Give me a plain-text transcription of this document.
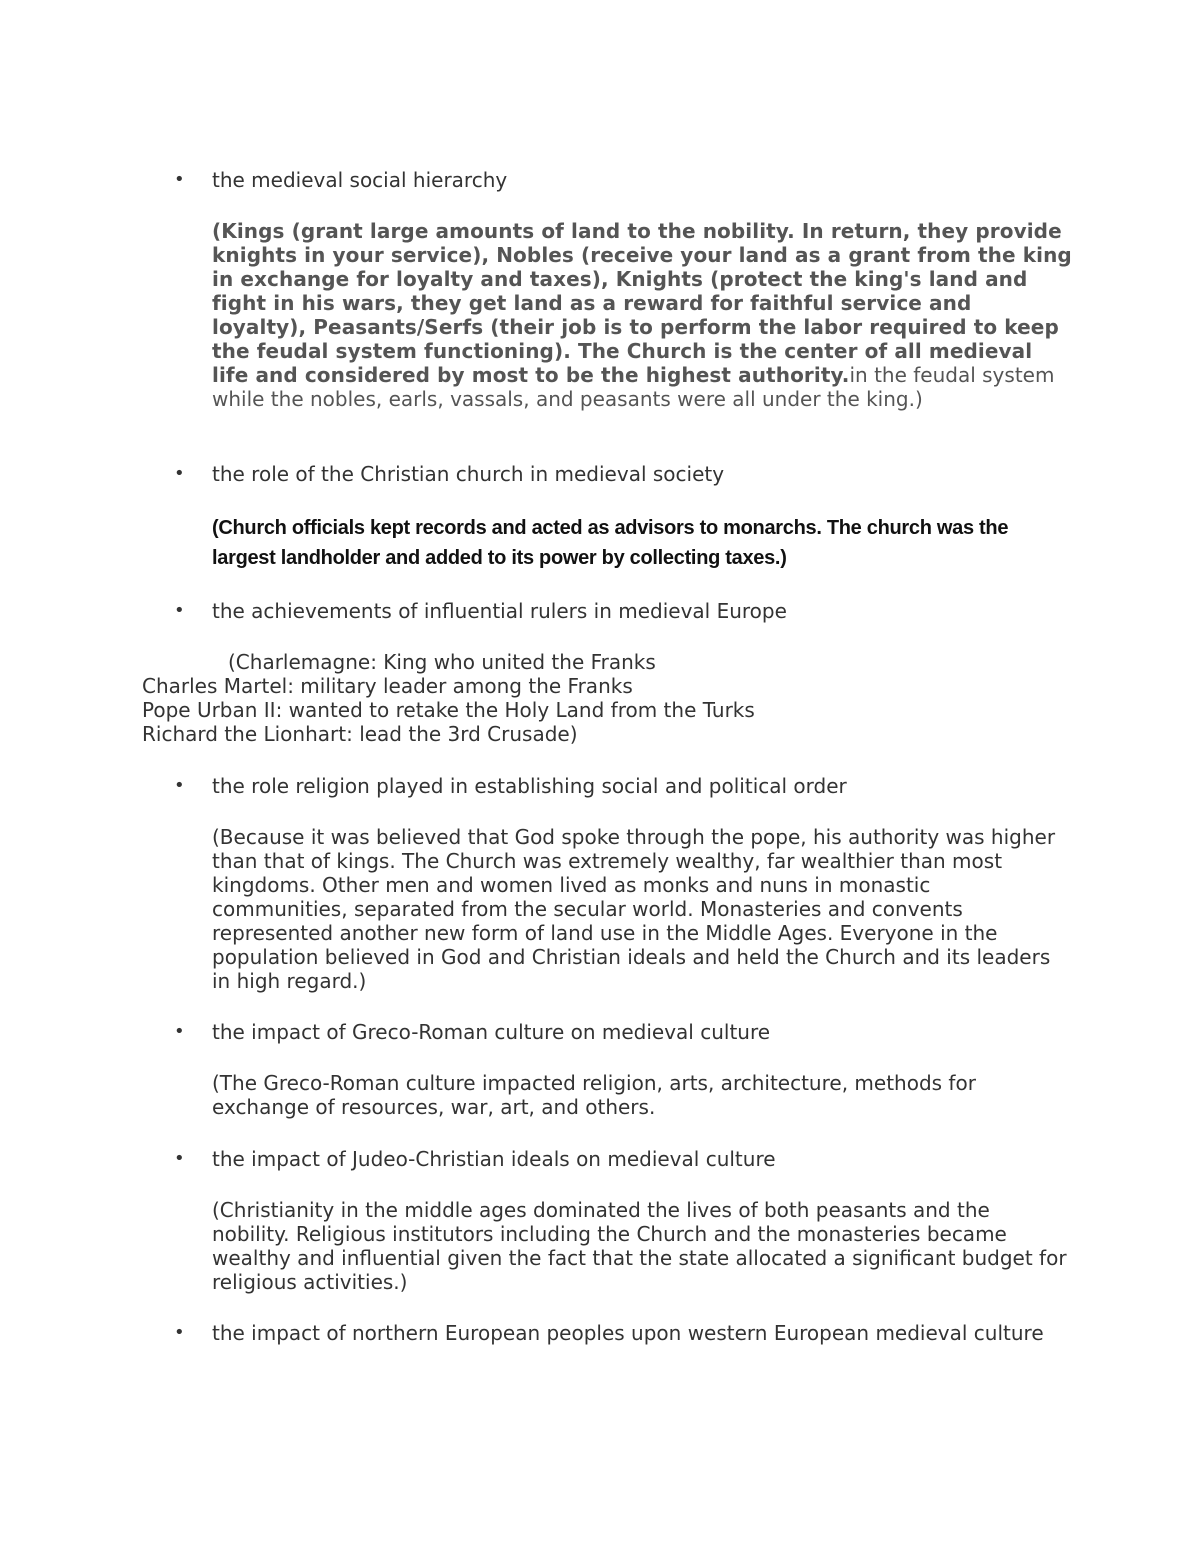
•	the medieval social hierarchy
(Kings (grant large amounts of land to the nobility. In return, they provide knights in your service), Nobles (receive your land as a grant from the king in exchange for loyalty and taxes), Knights (protect the king's land and fight in his wars, they get land as a reward for faithful service and loyalty), Peasants/Serfs (their job is to perform the labor required to keep the feudal system functioning). The Church is the center of all medieval life and considered by most to be the highest authority.in the feudal system while the nobles, earls, vassals, and peasants were all under the king.)
•	the role of the Christian church in medieval society
(Church officials kept records and acted as advisors to monarchs. The church was the largest landholder and added to its power by collecting taxes.)
•	the achievements of influential rulers in medieval Europe
(Charlemagne: King who united the Franks
Charles Martel: military leader among the Franks
Pope Urban II: wanted to retake the Holy Land from the Turks
Richard the Lionhart: lead the 3rd Crusade)
•	the role religion played in establishing social and political order
(Because it was believed that God spoke through the pope, his authority was higher than that of kings. The Church was extremely wealthy, far wealthier than most kingdoms. Other men and women lived as monks and nuns in monastic communities, separated from the secular world. Monasteries and convents represented another new form of land use in the Middle Ages. Everyone in the population believed in God and Christian ideals and held the Church and its leaders in high regard.)
•	the impact of Greco-Roman culture on medieval culture
(The Greco-Roman culture impacted religion, arts, architecture, methods for exchange of resources, war, art, and others.
•	the impact of Judeo-Christian ideals on medieval culture
(Christianity in the middle ages dominated the lives of both peasants and the nobility. Religious institutors including the Church and the monasteries became wealthy and influential given the fact that the state allocated a significant budget for religious activities.)
•	the impact of northern European peoples upon western European medieval culture
